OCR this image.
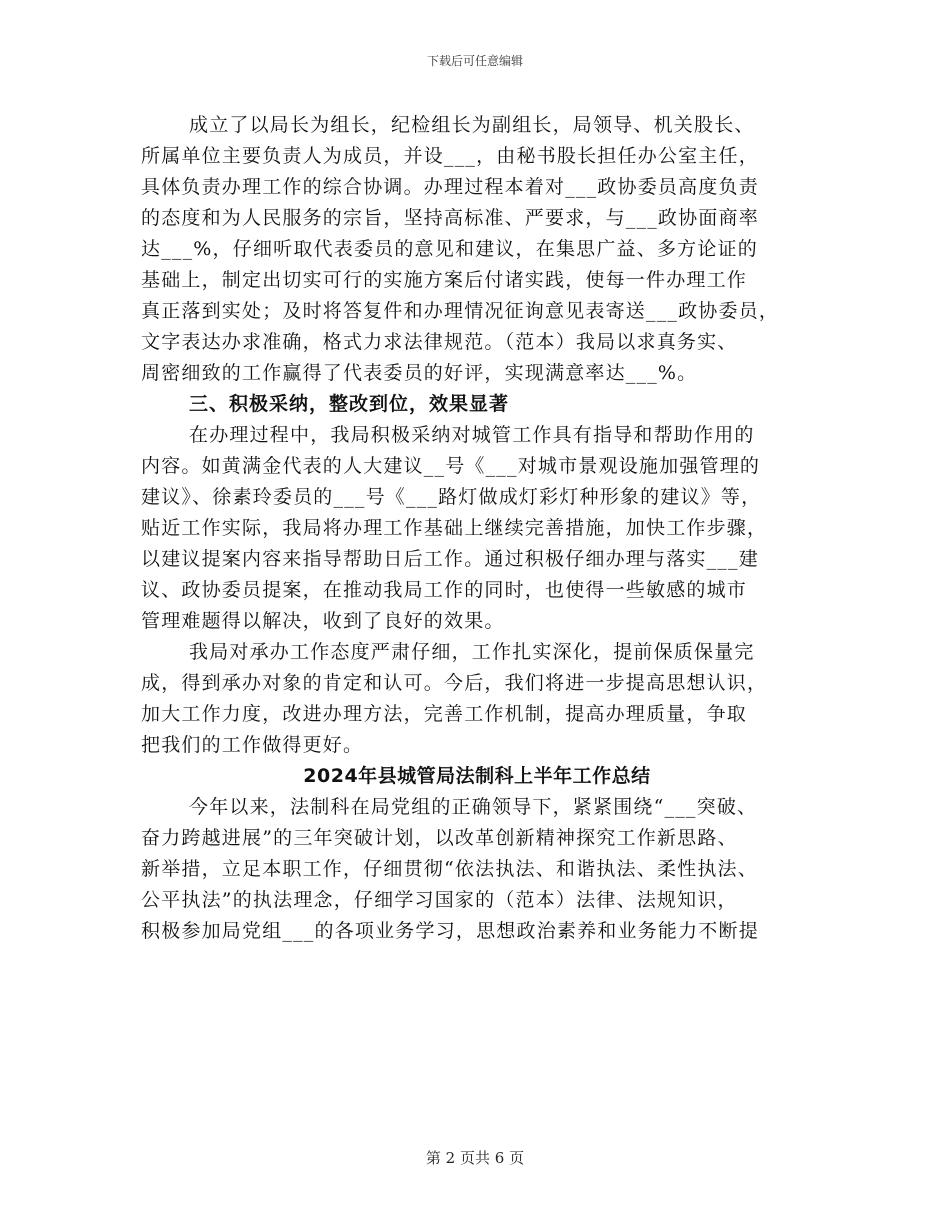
下载后可任意编辑
成立了以局长为组长，纪检组长为副组长，局领导、机关股长、
所属单位主要负责人为成员，并设___，由秘书股长担任办公室主任，
具体负责办理工作的综合协调。办理过程本着对___政协委员高度负责
的态度和为人民服务的宗旨，坚持高标准、严要求，与___政协面商率
达___%，仔细听取代表委员的意见和建议，在集思广益、多方论证的
基础上，制定出切实可行的实施方案后付诸实践，使每一件办理工作
真正落到实处；及时将答复件和办理情况征询意见表寄送___政协委员，
文字表达办求准确，格式力求法律规范。（范本）我局以求真务实、
周密细致的工作赢得了代表委员的好评，实现满意率达___%。
三、积极采纳，整改到位，效果显著
在办理过程中，我局积极采纳对城管工作具有指导和帮助作用的
内容。如黄满金代表的人大建议__号《___对城市景观设施加强管理的
建议》、徐素玲委员的___号《___路灯做成灯彩灯种形象的建议》等，
贴近工作实际，我局将办理工作基础上继续完善措施，加快工作步骤，
以建议提案内容来指导帮助日后工作。通过积极仔细办理与落实___建
议、政协委员提案，在推动我局工作的同时，也使得一些敏感的城市
管理难题得以解决，收到了良好的效果。
我局对承办工作态度严肃仔细，工作扎实深化，提前保质保量完
成，得到承办对象的肯定和认可。今后，我们将进一步提高思想认识，
加大工作力度，改进办理方法，完善工作机制，提高办理质量，争取
把我们的工作做得更好。
2024年县城管局法制科上半年工作总结
今年以来，法制科在局党组的正确领导下，紧紧围绕“___突破、
奋力跨越进展”的三年突破计划，以改革创新精神探究工作新思路、
新举措，立足本职工作，仔细贯彻“依法执法、和谐执法、柔性执法、
公平执法”的执法理念，仔细学习国家的（范本）法律、法规知识，
积极参加局党组___的各项业务学习，思想政治素养和业务能力不断提
第 2 页共 6 页
